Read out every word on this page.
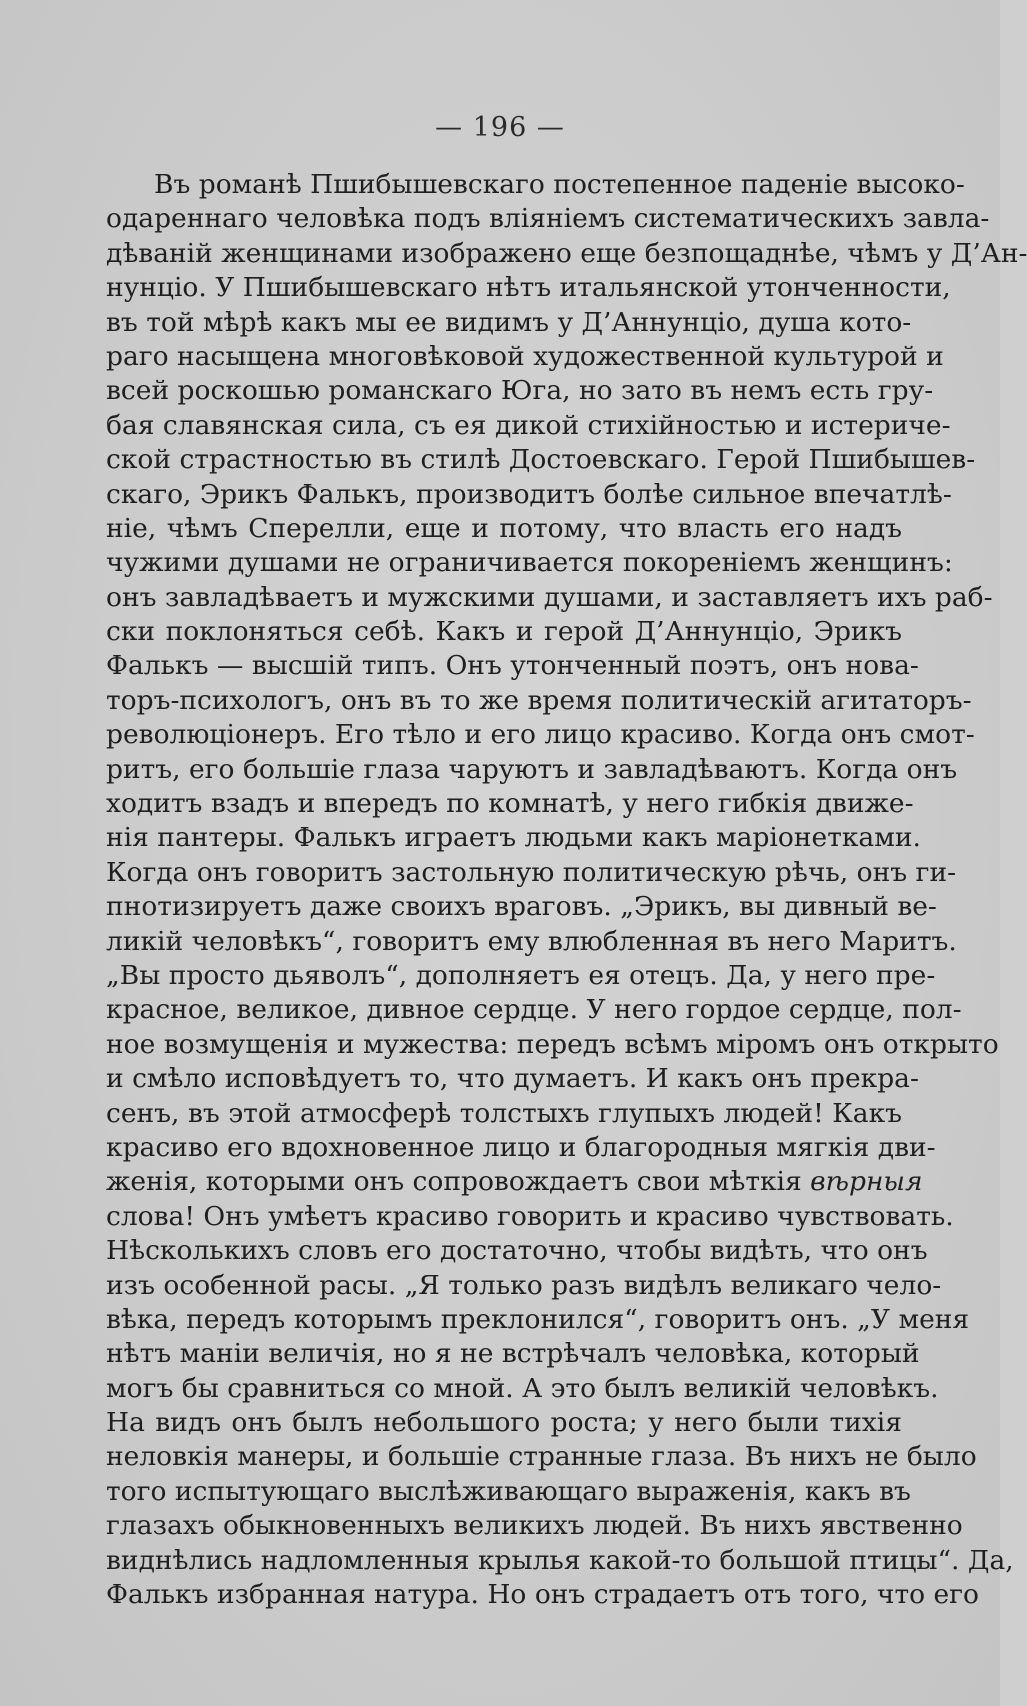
— 196 —
Въ романѣ Пшибышевскаго постепенное паденіе высоко-
одареннаго человѣка подъ вліяніемъ систематическихъ завла-
дѣваній женщинами изображено еще безпощаднѣе, чѣмъ у Д’Ан-
нунціо. У Пшибышевскаго нѣтъ итальянской утонченности,
въ той мѣрѣ какъ мы ее видимъ у Д’Аннунціо, душа кото-
раго насыщена многовѣковой художественной культурой и
всей роскошью романскаго Юга, но зато въ немъ есть гру-
бая славянская сила, съ ея дикой стихійностью и истериче-
ской страстностью въ стилѣ Достоевскаго. Герой Пшибышев-
скаго, Эрикъ Фалькъ, производитъ болѣе сильное впечатлѣ-
ніе, чѣмъ Сперелли, еще и потому, что власть его надъ
чужими душами не ограничивается покореніемъ женщинъ:
онъ завладѣваетъ и мужскими душами, и заставляетъ ихъ раб-
ски поклоняться себѣ. Какъ и герой Д’Аннунціо, Эрикъ
Фалькъ — высшій типъ. Онъ утонченный поэтъ, онъ нова-
торъ-психологъ, онъ въ то же время политическій агитаторъ-
революціонеръ. Его тѣло и его лицо красиво. Когда онъ смот-
ритъ, его большіе глаза чаруютъ и завладѣваютъ. Когда онъ
ходитъ взадъ и впередъ по комнатѣ, у него гибкія движе-
нія пантеры. Фалькъ играетъ людьми какъ маріонетками.
Когда онъ говоритъ застольную политическую рѣчь, онъ ги-
пнотизируетъ даже своихъ враговъ. „Эрикъ, вы дивный ве-
ликій человѣкъ“, говоритъ ему влюбленная въ него Маритъ.
„Вы просто дьяволъ“, дополняетъ ея отецъ. Да, у него пре-
красное, великое, дивное сердце. У него гордое сердце, пол-
ное возмущенія и мужества: передъ всѣмъ міромъ онъ открыто
и смѣло исповѣдуетъ то, что думаетъ. И какъ онъ прекра-
сенъ, въ этой атмосферѣ толстыхъ глупыхъ людей! Какъ
красиво его вдохновенное лицо и благородныя мягкія дви-
женія, которыми онъ сопровождаетъ свои мѣткія вѣрныя
слова! Онъ умѣетъ красиво говорить и красиво чувствовать.
Нѣсколькихъ словъ его достаточно, чтобы видѣть, что онъ
изъ особенной расы. „Я только разъ видѣлъ великаго чело-
вѣка, передъ которымъ преклонился“, говоритъ онъ. „У меня
нѣтъ маніи величія, но я не встрѣчалъ человѣка, который
могъ бы сравниться со мной. А это былъ великій человѣкъ.
На видъ онъ былъ небольшого роста; у него были тихія
неловкія манеры, и большіе странные глаза. Въ нихъ не было
того испытующаго выслѣживающаго выраженія, какъ въ
глазахъ обыкновенныхъ великихъ людей. Въ нихъ явственно
виднѣлись надломленныя крылья какой-то большой птицы“. Да,
Фалькъ избранная натура. Но онъ страдаетъ отъ того, что его
